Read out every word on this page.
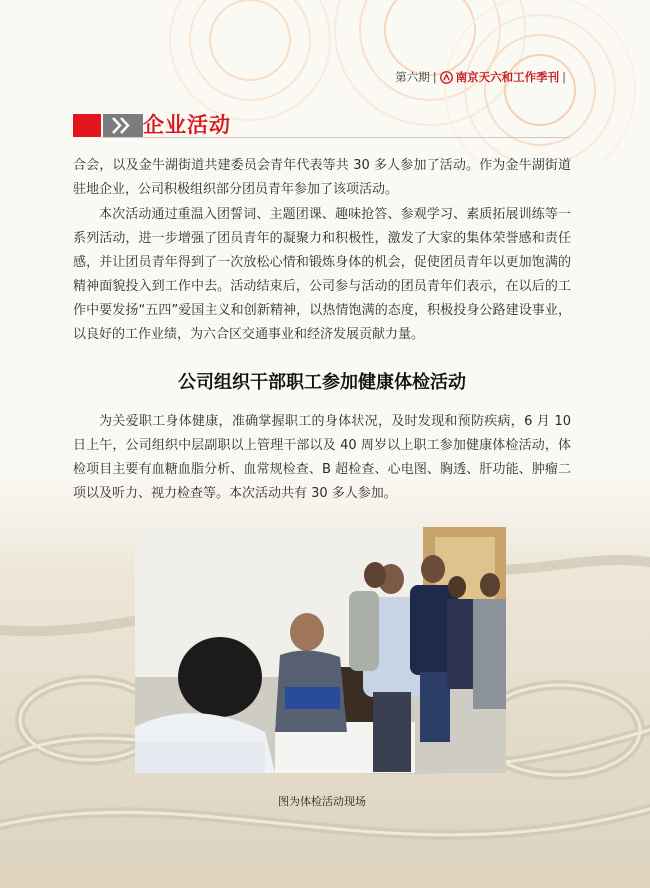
第六期 | 南京天六和工作季刊 |
企业活动

合会，以及金牛湖街道共建委员会青年代表等共 30 多人参加了活动。作为金牛湖街道驻地企业，公司积极组织部分团员青年参加了该项活动。

本次活动通过重温入团誓词、主题团课、趣味抢答、参观学习、素质拓展训练等一系列活动，进一步增强了团员青年的凝聚力和积极性，激发了大家的集体荣誉感和责任感，并让团员青年得到了一次放松心情和锻炼身体的机会，促使团员青年以更加饱满的精神面貌投入到工作中去。活动结束后，公司参与活动的团员青年们表示，在以后的工作中要发扬“五四”爱国主义和创新精神，以热情饱满的态度，积极投身公路建设事业，以良好的工作业绩，为六合区交通事业和经济发展贡献力量。

公司组织干部职工参加健康体检活动

为关爱职工身体健康，准确掌握职工的身体状况，及时发现和预防疾病，6 月 10 日上午，公司组织中层副职以上管理干部以及 40 周岁以上职工参加健康体检活动，体检项目主要有血糖血脂分析、血常规检查、B 超检查、心电图、胸透、肝功能、肿瘤二项以及听力、视力检查等。本次活动共有 30 多人参加。

图为体检活动现场
